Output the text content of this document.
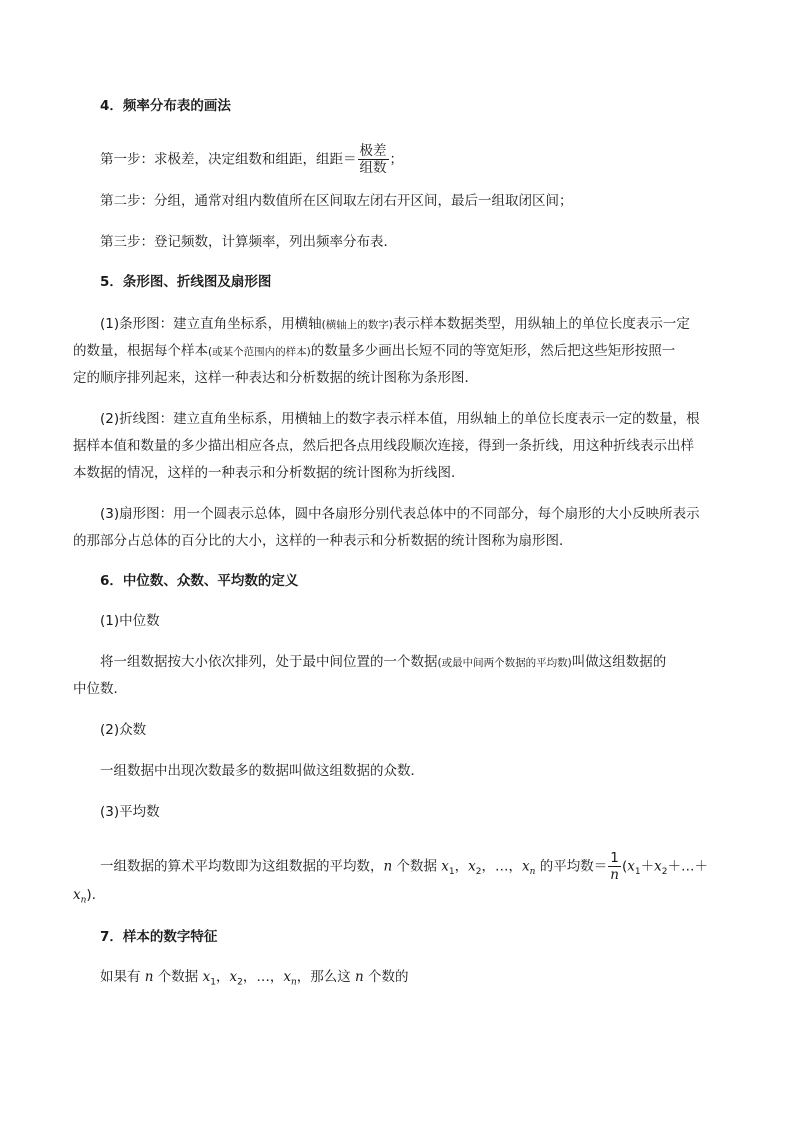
4．频率分布表的画法
第一步：求极差，决定组数和组距，组距＝ $\frac{\text{极差}}{\text{组数}}$ ；
第二步：分组，通常对组内数值所在区间取左闭右开区间，最后一组取闭区间；
第三步：登记频数，计算频率，列出频率分布表．
5．条形图、折线图及扇形图
(1)条形图：建立直角坐标系，用横轴(横轴上的数字)表示样本数据类型，用纵轴上的单位长度表示一定
的数量，根据每个样本(或某个范围内的样本)的数量多少画出长短不同的等宽矩形，然后把这些矩形按照一
定的顺序排列起来，这样一种表达和分析数据的统计图称为条形图．
(2)折线图：建立直角坐标系，用横轴上的数字表示样本值，用纵轴上的单位长度表示一定的数量，根
据样本值和数量的多少描出相应各点，然后把各点用线段顺次连接，得到一条折线，用这种折线表示出样
本数据的情况，这样的一种表示和分析数据的统计图称为折线图．
(3)扇形图：用一个圆表示总体，圆中各扇形分别代表总体中的不同部分，每个扇形的大小反映所表示
的那部分占总体的百分比的大小，这样的一种表示和分析数据的统计图称为扇形图．
6．中位数、众数、平均数的定义
(1)中位数
将一组数据按大小依次排列，处于最中间位置的一个数据(或最中间两个数据的平均数)叫做这组数据的
中位数．
(2)众数
一组数据中出现次数最多的数据叫做这组数据的众数．
(3)平均数
一组数据的算术平均数即为这组数据的平均数，n 个数据 $x_1$，$x_2$，…，$x_n$ 的平均数＝ $\frac{1}{n}$ ($x_1+x_2+\dots+$
$x_n$)．
7．样本的数字特征
如果有 n 个数据 $x_1$，$x_2$，…，$x_n$，那么这 n 个数的
